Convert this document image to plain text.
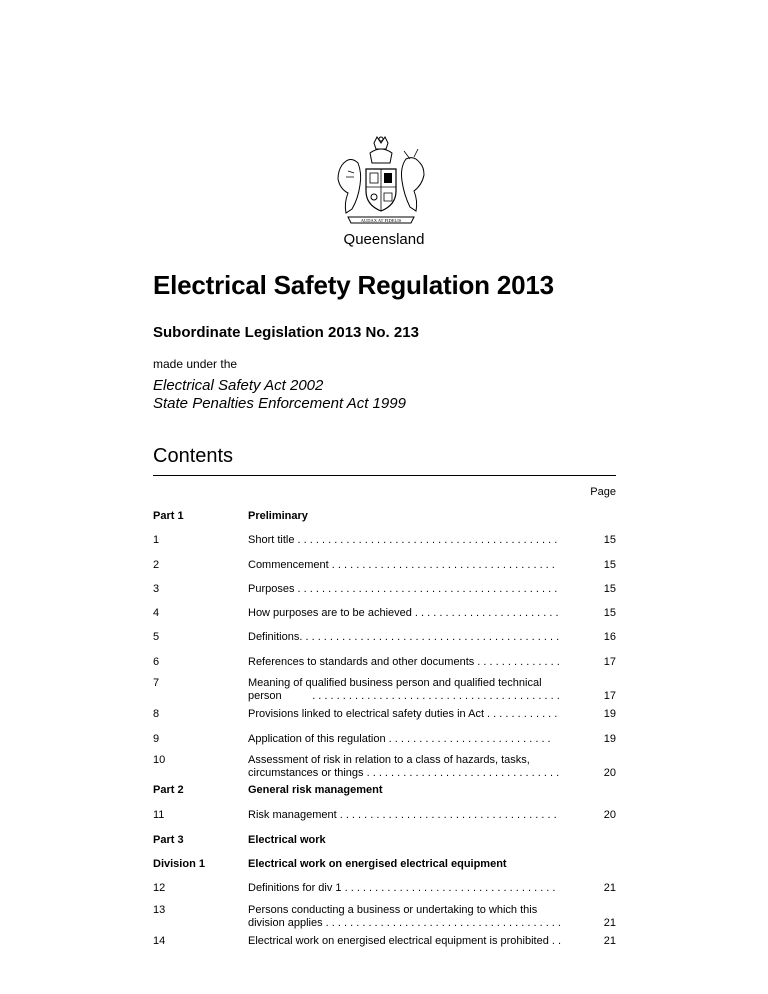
AUDAX AT FIDELIS
Queensland
Electrical Safety Regulation 2013
Subordinate Legislation 2013 No. 213
made under the
Electrical Safety Act 2002
State Penalties Enforcement Act 1999
Contents
Page
Part 1	Preliminary
1	Short title . . . . . . . . . . . . . . . . . . . . . . . . . . . . . . . . . . . . . . . . . . .	15
2	Commencement . . . . . . . . . . . . . . . . . . . . . . . . . . . . . . . . . . . . .	15
3	Purposes . . . . . . . . . . . . . . . . . . . . . . . . . . . . . . . . . . . . . . . . . . .	15
4	How purposes are to be achieved . . . . . . . . . . . . . . . . . . . . . . . .	15
5	Definitions. . . . . . . . . . . . . . . . . . . . . . . . . . . . . . . . . . . . . . . . . . .	16
6	References to standards and other documents . . . . . . . . . . . . . .	17
7	Meaning of qualified business person and qualified technical
person          . . . . . . . . . . . . . . . . . . . . . . . . . . . . . . . . . . . . . . . . .	17
8	Provisions linked to electrical safety duties in Act . . . . . . . . . . . .	19
9	Application of this regulation . . . . . . . . . . . . . . . . . . . . . . . . . . .	19
10	Assessment of risk in relation to a class of hazards, tasks,
circumstances or things . . . . . . . . . . . . . . . . . . . . . . . . . . . . . . . .	20
Part 2	General risk management
11	Risk management . . . . . . . . . . . . . . . . . . . . . . . . . . . . . . . . . . . .	20
Part 3	Electrical work
Division 1	Electrical work on energised electrical equipment
12	Definitions for div 1 . . . . . . . . . . . . . . . . . . . . . . . . . . . . . . . . . . .	21
13	Persons conducting a business or undertaking to which this
division applies . . . . . . . . . . . . . . . . . . . . . . . . . . . . . . . . . . . . . . .	21
14	Electrical work on energised electrical equipment is prohibited . .	21
